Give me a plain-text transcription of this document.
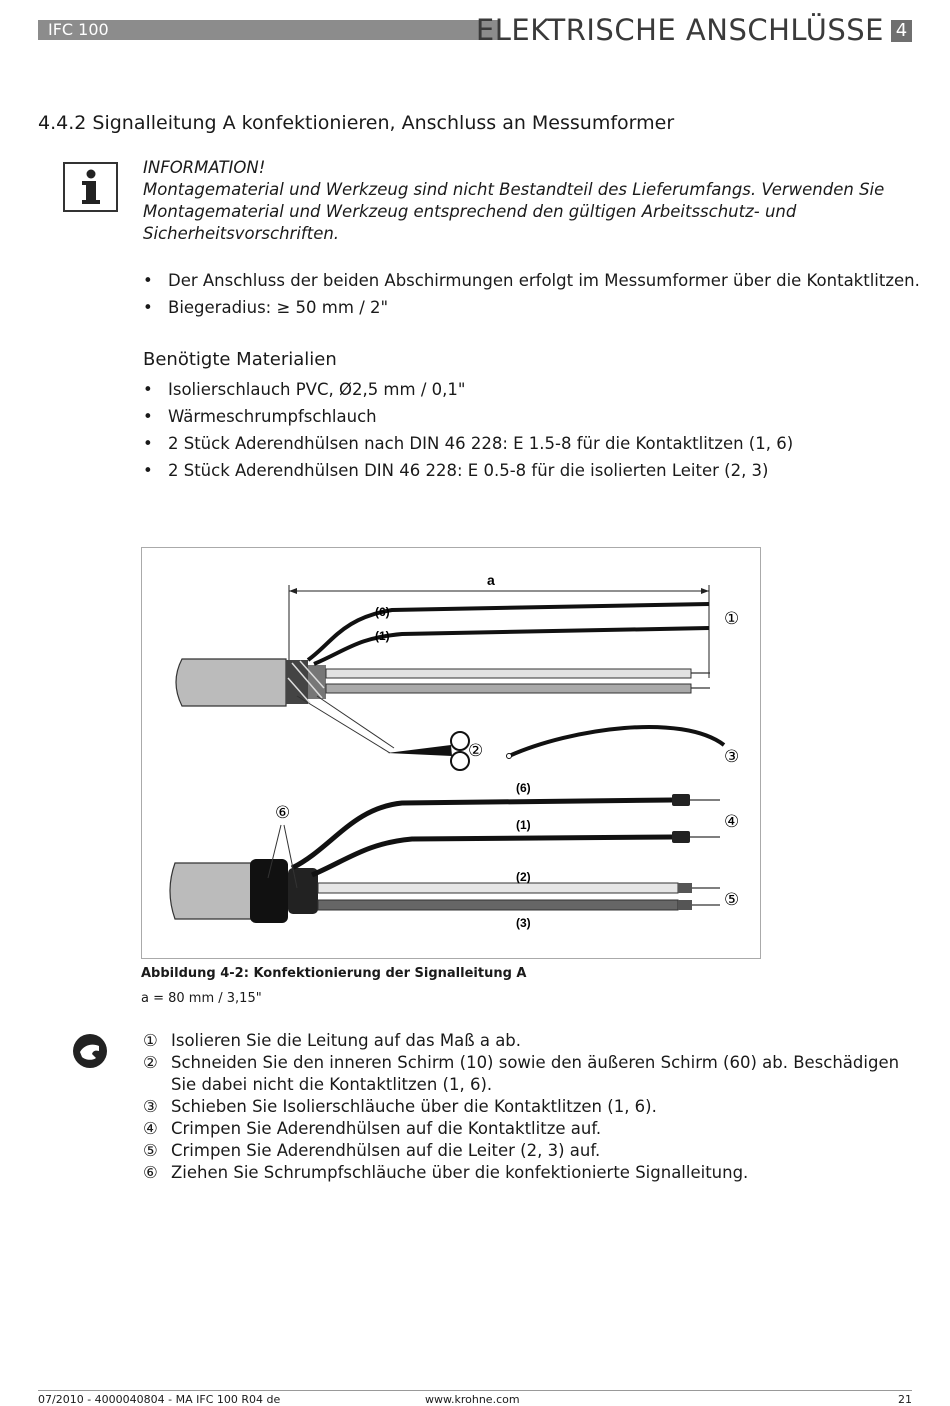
IFC 100	ELEKTRISCHE ANSCHLÜSSE 4
4.4.2 Signalleitung A konfektionieren, Anschluss an Messumformer
INFORMATION!
Montagematerial und Werkzeug sind nicht Bestandteil des Lieferumfangs. Verwenden Sie Montagematerial und Werkzeug entsprechend den gültigen Arbeitsschutz- und Sicherheitsvorschriften.
• Der Anschluss der beiden Abschirmungen erfolgt im Messumformer über die Kontaktlitzen.
• Biegeradius: ≥ 50 mm / 2"
Benötigte Materialien
• Isolierschlauch PVC, Ø2,5 mm / 0,1"
• Wärmeschrumpfschlauch
• 2 Stück Aderendhülsen nach DIN 46 228: E 1.5-8 für die Kontaktlitzen (1, 6)
• 2 Stück Aderendhülsen DIN 46 228: E 0.5-8 für die isolierten Leiter (2, 3)
a
(6)
(1)
①
②	③
(6)
(1)
(2)
(3)
④
⑤
⑥
Abbildung 4-2: Konfektionierung der Signalleitung A
a = 80 mm / 3,15"
① Isolieren Sie die Leitung auf das Maß a ab.
② Schneiden Sie den inneren Schirm (10) sowie den äußeren Schirm (60) ab. Beschädigen Sie dabei nicht die Kontaktlitzen (1, 6).
③ Schieben Sie Isolierschläuche über die Kontaktlitzen (1, 6).
④ Crimpen Sie Aderendhülsen auf die Kontaktlitze auf.
⑤ Crimpen Sie Aderendhülsen auf die Leiter (2, 3) auf.
⑥ Ziehen Sie Schrumpfschläuche über die konfektionierte Signalleitung.
07/2010 - 4000040804 - MA IFC 100 R04 de	www.krohne.com	21
